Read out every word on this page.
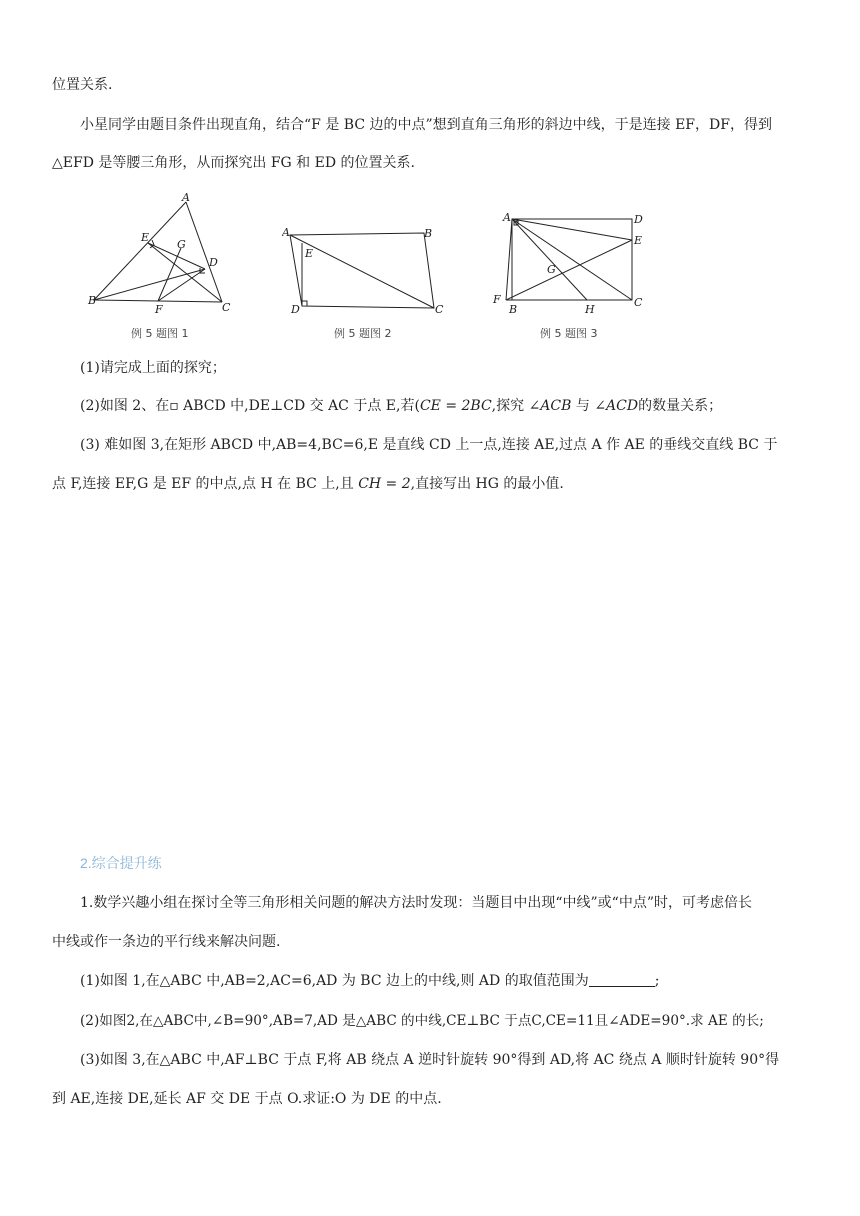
位置关系.
小星同学由题目条件出现直角，结合“F 是 BC 边的中点”想到直角三角形的斜边中线，于是连接 EF，DF，得到
△EFD 是等腰三角形，从而探究出 FG 和 ED 的位置关系.
A
E
G
D
B
F	C
例 5 题图 1
A	B
E
D	C
例 5 题图 2
A	D
E
G
F
B	H
C
例 5 题图 3
(1)请完成上面的探究；
(2)如图 2、在▫ ABCD 中,DE⊥CD 交 AC 于点 E,若(CE = 2BC,探究 ∠ACB 与 ∠ACD的数量关系；
(3) 难如图 3,在矩形 ABCD 中,AB=4,BC=6,E 是直线 CD 上一点,连接 AE,过点 A 作 AE 的垂线交直线 BC 于
点 F,连接 EF,G 是 EF 的中点,点 H 在 BC 上,且 CH = 2,直接写出 HG 的最小值.
2.综合提升练
1.数学兴趣小组在探讨全等三角形相关问题的解决方法时发现：当题目中出现“中线”或“中点”时，可考虑倍长
中线或作一条边的平行线来解决问题.
(1)如图 1,在△ABC 中,AB=2,AC=6,AD 为 BC 边上的中线,则 AD 的取值范围为	;
(2)如图2,在△ABC中,∠B=90°,AB=7,AD 是△ABC 的中线,CE⊥BC 于点C,CE=11且∠ADE=90°.求 AE 的长;
(3)如图 3,在△ABC 中,AF⊥BC 于点 F,将 AB 绕点 A 逆时针旋转 90°得到 AD,将 AC 绕点 A 顺时针旋转 90°得
到 AE,连接 DE,延长 AF 交 DE 于点 O.求证:O 为 DE 的中点.
